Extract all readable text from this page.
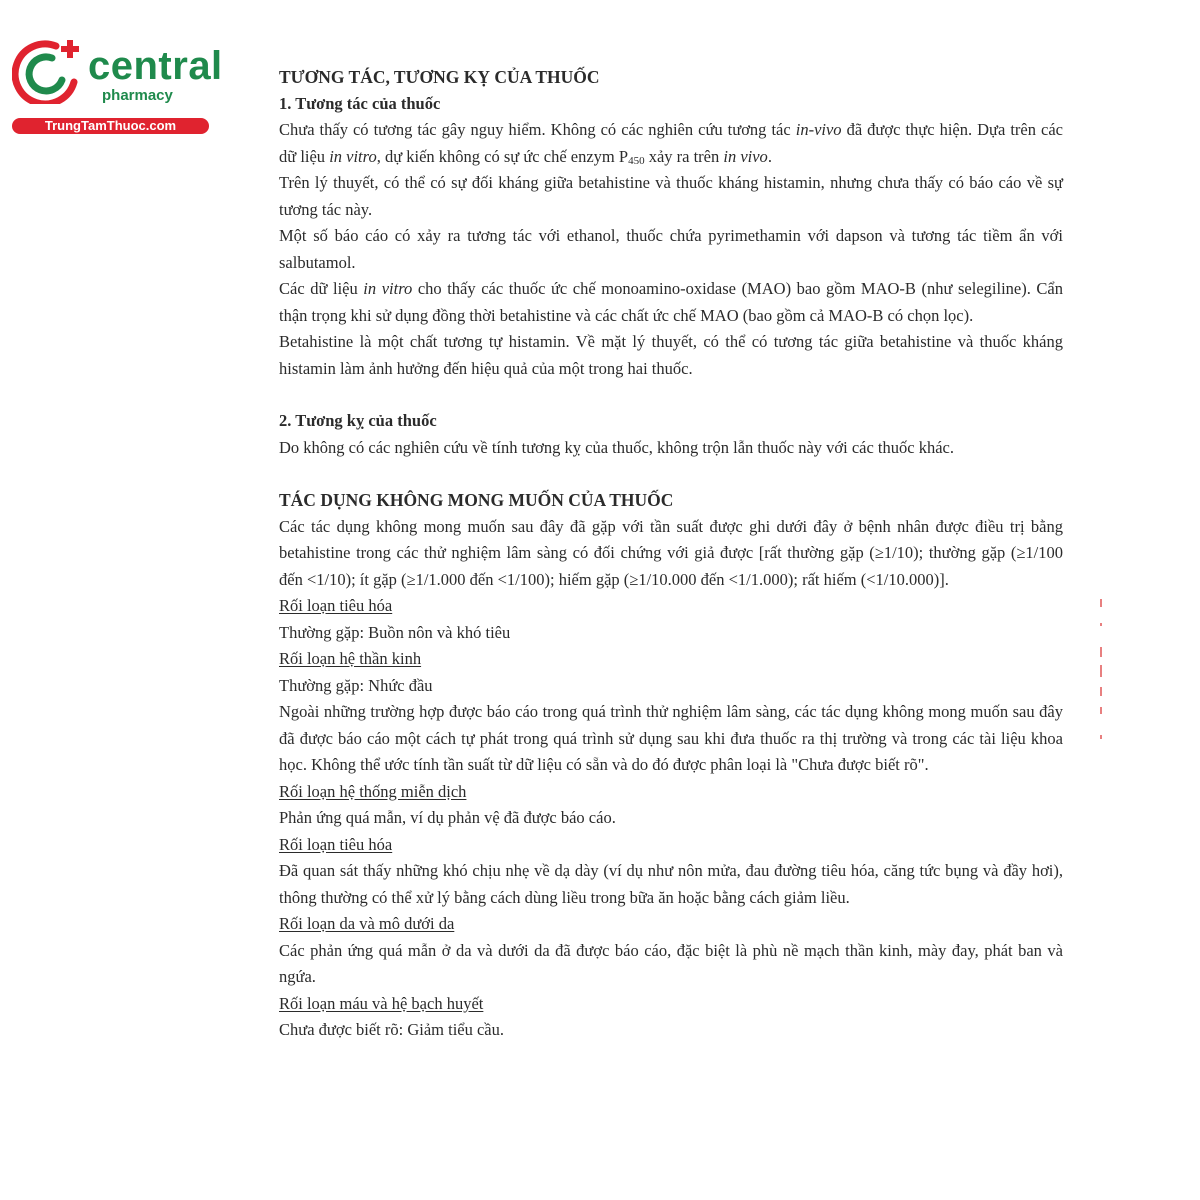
central
pharmacy
TrungTamThuoc.com
TƯƠNG TÁC, TƯƠNG KỴ CỦA THUỐC
1. Tương tác của thuốc

Chưa thấy có tương tác gây nguy hiểm. Không có các nghiên cứu tương tác in-vivo đã được thực hiện. Dựa trên các dữ liệu in vitro, dự kiến không có sự ức chế enzym $P_{450}$ xảy ra trên in vivo.

Trên lý thuyết, có thể có sự đối kháng giữa betahistine và thuốc kháng histamin, nhưng chưa thấy có báo cáo về sự tương tác này.

Một số báo cáo có xảy ra tương tác với ethanol, thuốc chứa pyrimethamin với dapson và tương tác tiềm ẩn với salbutamol.

Các dữ liệu in vitro cho thấy các thuốc ức chế monoamino-oxidase (MAO) bao gồm MAO-B (như selegiline). Cẩn thận trọng khi sử dụng đồng thời betahistine và các chất ức chế MAO (bao gồm cả MAO-B có chọn lọc).

Betahistine là một chất tương tự histamin. Về mặt lý thuyết, có thể có tương tác giữa betahistine và thuốc kháng histamin làm ảnh hưởng đến hiệu quả của một trong hai thuốc.

2. Tương kỵ của thuốc

Do không có các nghiên cứu về tính tương kỵ của thuốc, không trộn lẫn thuốc này với các thuốc khác.

TÁC DỤNG KHÔNG MONG MUỐN CỦA THUỐC

Các tác dụng không mong muốn sau đây đã gặp với tần suất được ghi dưới đây ở bệnh nhân được điều trị bằng betahistine trong các thử nghiệm lâm sàng có đối chứng với giả được [rất thường gặp (≥1/10); thường gặp (≥1/100 đến <1/10); ít gặp (≥1/1.000 đến <1/100); hiếm gặp (≥1/10.000 đến <1/1.000); rất hiếm (<1/10.000)].

Rối loạn tiêu hóa

Thường gặp: Buồn nôn và khó tiêu

Rối loạn hệ thần kinh

Thường gặp: Nhức đầu

Ngoài những trường hợp được báo cáo trong quá trình thử nghiệm lâm sàng, các tác dụng không mong muốn sau đây đã được báo cáo một cách tự phát trong quá trình sử dụng sau khi đưa thuốc ra thị trường và trong các tài liệu khoa học. Không thể ước tính tần suất từ dữ liệu có sẵn và do đó được phân loại là "Chưa được biết rõ".

Rối loạn hệ thống miễn dịch

Phản ứng quá mẫn, ví dụ phản vệ đã được báo cáo.

Rối loạn tiêu hóa

Đã quan sát thấy những khó chịu nhẹ về dạ dày (ví dụ như nôn mửa, đau đường tiêu hóa, căng tức bụng và đầy hơi), thông thường có thể xử lý bằng cách dùng liều trong bữa ăn hoặc bằng cách giảm liều.

Rối loạn da và mô dưới da

Các phản ứng quá mẫn ở da và dưới da đã được báo cáo, đặc biệt là phù nề mạch thần kinh, mày đay, phát ban và ngứa.

Rối loạn máu và hệ bạch huyết

Chưa được biết rõ: Giảm tiểu cầu.
